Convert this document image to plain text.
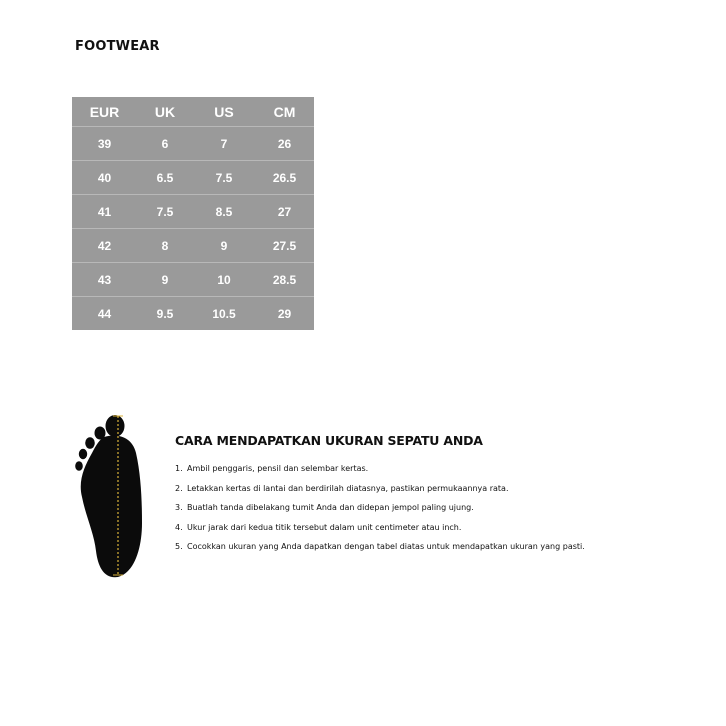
FOOTWEAR
EUR	UK	US	CM
39	6	7	26
40	6.5	7.5	26.5
41	7.5	8.5	27
42	8	9	27.5
43	9	10	28.5
44	9.5	10.5	29
CARA MENDAPATKAN UKURAN SEPATU ANDA
1. Ambil penggaris, pensil dan selembar kertas.
2. Letakkan kertas di lantai dan berdirilah diatasnya, pastikan permukaannya rata.
3. Buatlah tanda dibelakang tumit Anda dan didepan jempol paling ujung.
4. Ukur jarak dari kedua titik tersebut dalam unit centimeter atau inch.
5. Cocokkan ukuran yang Anda dapatkan dengan tabel diatas untuk mendapatkan ukuran yang pasti.
